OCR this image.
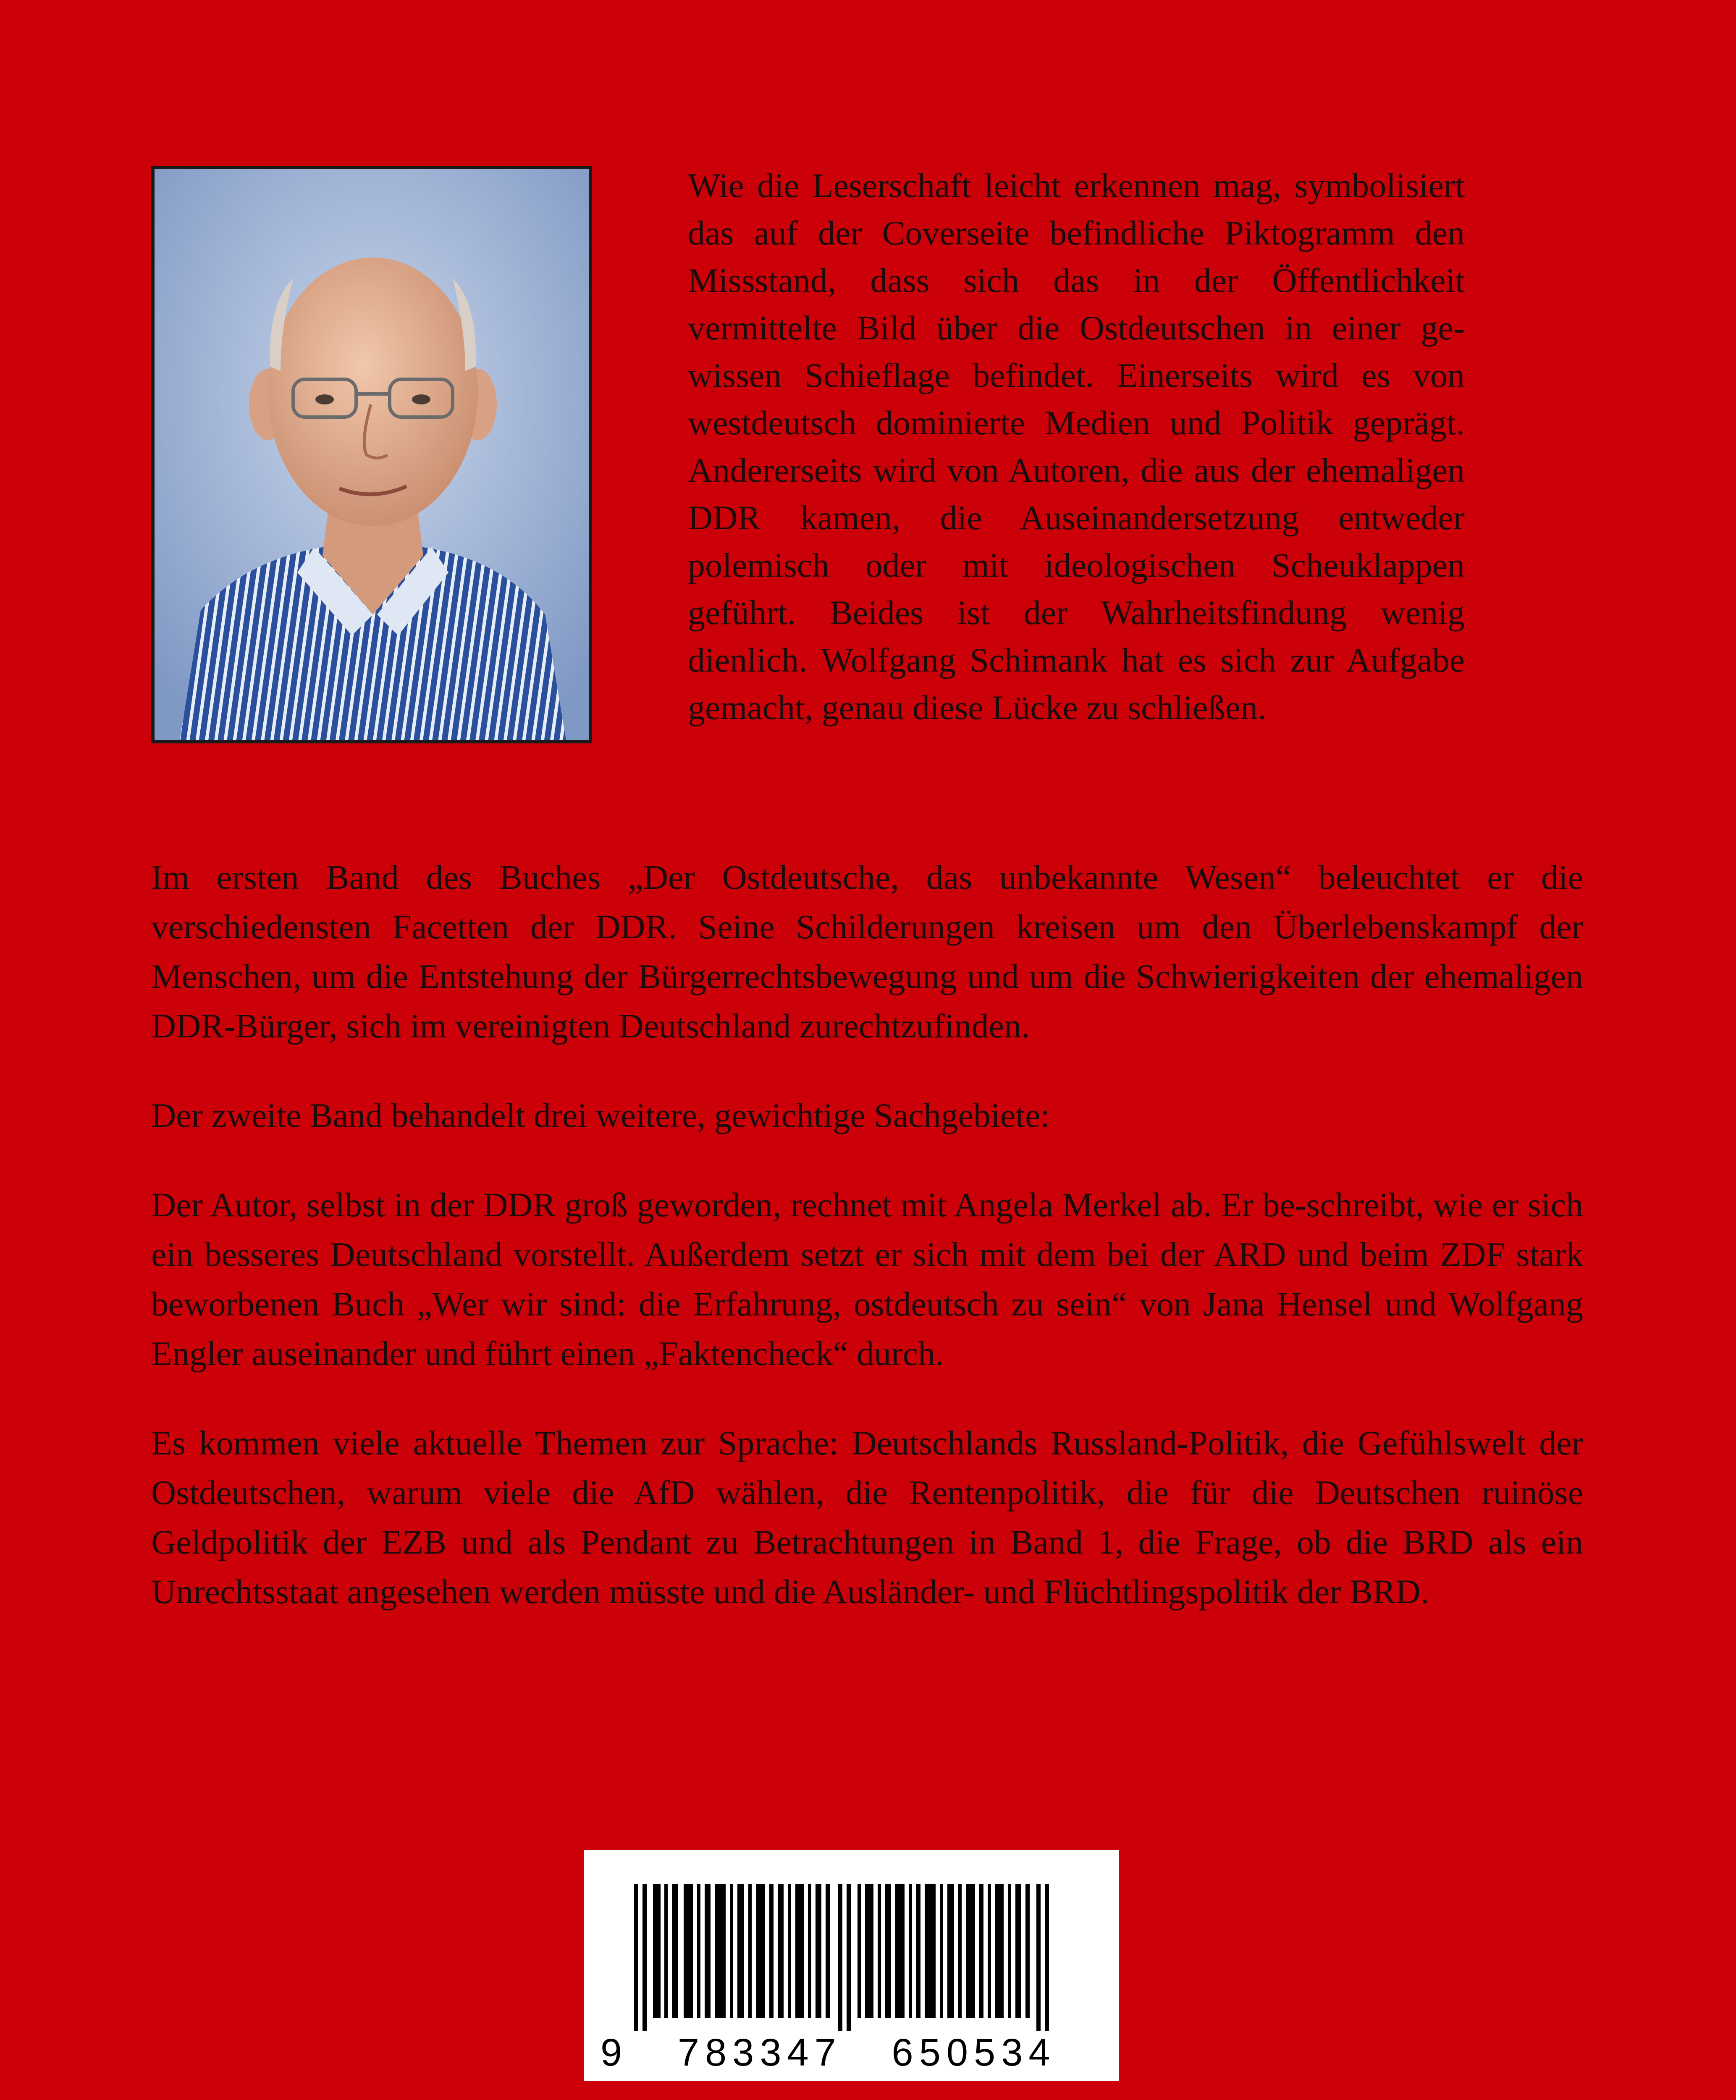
Wie die Leserschaft leicht erkennen mag, symbolisiert das auf der Coverseite befindliche Piktogramm den Missstand, dass sich das in der Öffentlichkeit vermittelte Bild über die Ostdeutschen in einer gewissen Schieflage befindet. Einerseits wird es von westdeutsch dominierte Medien und Politik geprägt. Andererseits wird von Autoren, die aus der ehemaligen DDR kamen, die Auseinandersetzung entweder polemisch oder mit ideologischen Scheuklappen geführt. Beides ist der Wahrheitsfindung wenig dienlich. Wolfgang Schimank hat es sich zur Aufgabe gemacht, genau diese Lücke zu schließen.

Im ersten Band des Buches „Der Ostdeutsche, das unbekannte Wesen“ beleuchtet er die verschiedensten Facetten der DDR. Seine Schilderungen kreisen um den Überlebenskampf der Menschen, um die Entstehung der Bürgerrechtsbewegung und um die Schwierigkeiten der ehemaligen DDR-Bürger, sich im vereinigten Deutschland zurechtzufinden.

Der zweite Band behandelt drei weitere, gewichtige Sachgebiete:

Der Autor, selbst in der DDR groß geworden, rechnet mit Angela Merkel ab. Er be-schreibt, wie er sich ein besseres Deutschland vorstellt. Außerdem setzt er sich mit dem bei der ARD und beim ZDF stark beworbenen Buch „Wer wir sind: die Erfahrung, ostdeutsch zu sein“ von Jana Hensel und Wolfgang Engler auseinander und führt einen „Faktencheck“ durch.

Es kommen viele aktuelle Themen zur Sprache: Deutschlands Russland-Politik, die Gefühlswelt der Ostdeutschen, warum viele die AfD wählen, die Rentenpolitik, die für die Deutschen ruinöse Geldpolitik der EZB und als Pendant zu Betrachtungen in Band 1, die Frage, ob die BRD als ein Unrechtsstaat angesehen werden müsste und die Ausländer- und Flüchtlingspolitik der BRD.

9   783347   650534
